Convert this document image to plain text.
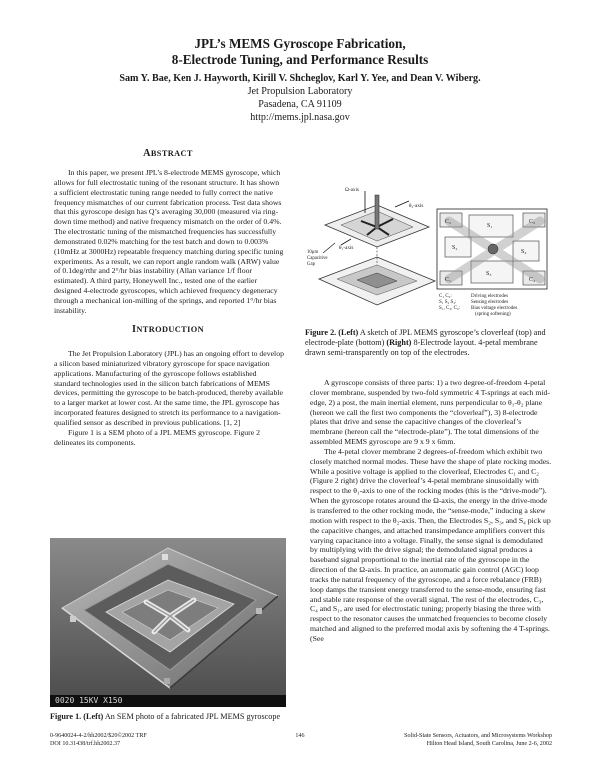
JPL’s MEMS Gyroscope Fabrication,
8-Electrode Tuning, and Performance Results
Sam Y. Bae, Ken J. Hayworth, Kirill V. Shcheglov, Karl Y. Yee, and Dean V. Wiberg.
Jet Propulsion Laboratory
Pasadena, CA 91109
http://mems.jpl.nasa.gov
ABSTRACT

In this paper, we present JPL’s 8-electrode MEMS gyroscope, which allows for full electrostatic tuning of the resonant structure. It has shown a sufficient electrostatic tuning range needed to fully correct the native frequency mismatches of our current fabrication process. Test data shows that this gyroscope design has Q’s averaging 30,000 (measured via ring-down time method) and native frequency mismatch on the order of 0.4%. The electrostatic tuning of the mismatched frequencies has successfully demonstrated 0.02% matching for the test batch and down to 0.003% (10mHz at 3000Hz) repeatable frequency matching during specific tuning experiments. As a result, we can report angle random walk (ARW) value of 0.1deg/rthr and 2°/hr bias instability (Allan variance 1/f floor estimated). A third party, Honeywell Inc., tested one of the earlier designed 4-electrode gyroscopes, which achieved frequency degeneracy through a mechanical ion-milling of the springs, and reported 1°/hr bias instability.

INTRODUCTION

The Jet Propulsion Laboratory (JPL) has an ongoing effort to develop a silicon based miniaturized vibratory gyroscope for space navigation applications. Manufacturing of the gyroscope follows established standard technologies used in the silicon batch fabrications of MEMS devices, permitting the gyroscope to be batch-produced, thereby available to a larger market at lower cost. At the same time, the JPL gyroscope has incorporated features designed to stretch its performance to a navigation-qualified sensor as described in previous publications. [1, 2]

Figure 1 is a SEM photo of a JPL MEMS gyroscope. Figure 2 delineates its components.

0020 15KV X150
Figure 1. (Left) An SEM photo of a fabricated JPL MEMS gyroscope
Ω-axis
θ₂-axis
θ₁-axis
10µm
Capacitive
Gap
C₂	C₃
C₁	C₄
S₁
S₂
S₃
S₄
C₁ C₂:	Driving electrodes
S₁ S₂ S₃:	Sensing electrodes
S₁, C₃, C₄: Bias voltage electrodes
(spring softening)
Figure 2. (Left) A sketch of JPL MEMS gyroscope’s cloverleaf (top) and electrode-plate (bottom) (Right) 8-Electrode layout. 4-petal membrane drawn semi-transparently on top of the electrodes.

A gyroscope consists of three parts: 1) a two degree-of-freedom 4-petal clover membrane, suspended by two-fold symmetric 4 T-springs at each mid-edge, 2) a post, the main inertial element, runs perpendicular to θ₁-θ₂ plane (hereon we call the first two components the “cloverleaf”), 3) 8-electrode plates that drive and sense the capacitive changes of the cloverleaf’s membrane (hereon call the “electrode-plate”). The total dimensions of the assembled MEMS gyroscope are 9 x 9 x 6mm.

The 4-petal clover membrane 2 degrees-of-freedom which exhibit two closely matched normal modes. These have the shape of plate rocking modes. While a positive voltage is applied to the cloverleaf, Electrodes C₁ and C₂ (Figure 2 right) drive the cloverleaf’s 4-petal membrane sinusoidally with respect to the θ₁-axis to one of the rocking modes (this is the “drive-mode”). When the gyroscope rotates around the Ω-axis, the energy in the drive-mode is transferred to the other rocking mode, the “sense-mode,” inducing a skew motion with respect to the θ₂-axis. Then, the Electrodes S₂, S₃, and S₄ pick up the capacitive changes, and attached transimpedance amplifiers convert this varying capacitance into a voltage. Finally, the sense signal is demodulated by multiplying with the drive signal; the demodulated signal produces a baseband signal proportional to the inertial rate of the gyroscope in the direction of the Ω-axis. In practice, an automatic gain control (AGC) loop tracks the natural frequency of the gyroscope, and a force rebalance (FRB) loop damps the transient energy transferred to the sense-mode, ensuring fast and stable rate response of the overall signal. The rest of the electrodes, C₃, C₄ and S₁, are used for electrostatic tuning; properly biasing the three with respect to the resonator causes the unmatched frequencies to become closely matched and aligned to the preferred modal axis by softening the 4 T-springs. (See

0-9640024-4-2/hh2002/$20©2002 TRF
DOI 10.31438/trf.hh2002.37
146	Solid-State Sensors, Actuators, and Microsystems Workshop
Hilton Head Island, South Carolina, June 2-6, 2002
